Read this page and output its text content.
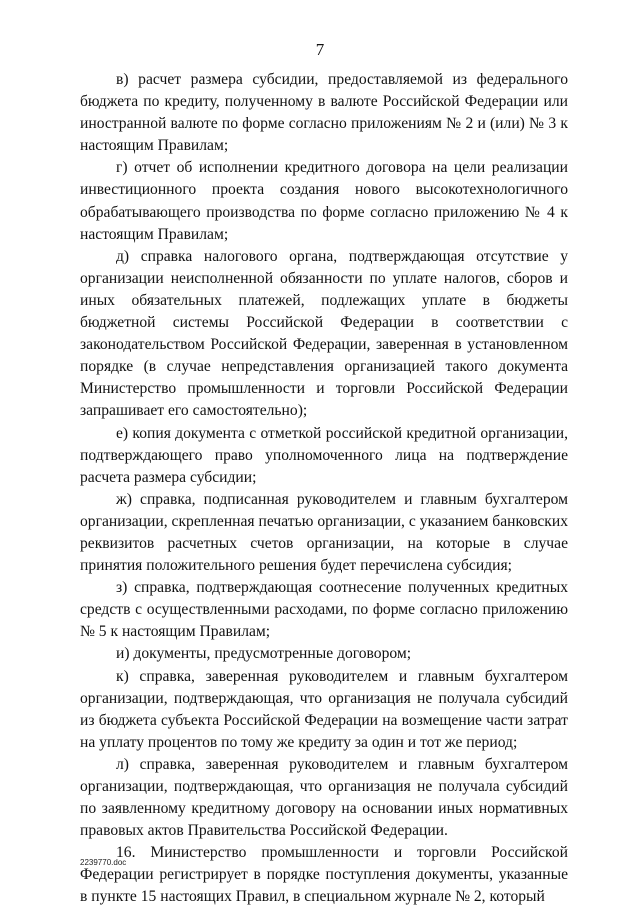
7

в) расчет размера субсидии, предоставляемой из федерального бюджета по кредиту, полученному в валюте Российской Федерации или иностранной валюте по форме согласно приложениям № 2 и (или) № 3 к настоящим Правилам;

г) отчет об исполнении кредитного договора на цели реализации инвестиционного проекта создания нового высокотехнологичного обрабатывающего производства по форме согласно приложению № 4 к настоящим Правилам;

д) справка налогового органа, подтверждающая отсутствие у организации неисполненной обязанности по уплате налогов, сборов и иных обязательных платежей, подлежащих уплате в бюджеты бюджетной системы Российской Федерации в соответствии с законодательством Российской Федерации, заверенная в установленном порядке (в случае непредставления организацией такого документа Министерство промышленности и торговли Российской Федерации запрашивает его самостоятельно);

е) копия документа с отметкой российской кредитной организации, подтверждающего право уполномоченного лица на подтверждение расчета размера субсидии;

ж) справка, подписанная руководителем и главным бухгалтером организации, скрепленная печатью организации, с указанием банковских реквизитов расчетных счетов организации, на которые в случае принятия положительного решения будет перечислена субсидия;

з) справка, подтверждающая соотнесение полученных кредитных средств с осуществленными расходами, по форме согласно приложению № 5 к настоящим Правилам;

и) документы, предусмотренные договором;

к) справка, заверенная руководителем и главным бухгалтером организации, подтверждающая, что организация не получала субсидий из бюджета субъекта Российской Федерации на возмещение части затрат на уплату процентов по тому же кредиту за один и тот же период;

л) справка, заверенная руководителем и главным бухгалтером организации, подтверждающая, что организация не получала субсидий по заявленному кредитному договору на основании иных нормативных правовых актов Правительства Российской Федерации.

16. Министерство промышленности и торговли Российской Федерации регистрирует в порядке поступления документы, указанные в пункте 15 настоящих Правил, в специальном журнале № 2, который

2239770.doc
